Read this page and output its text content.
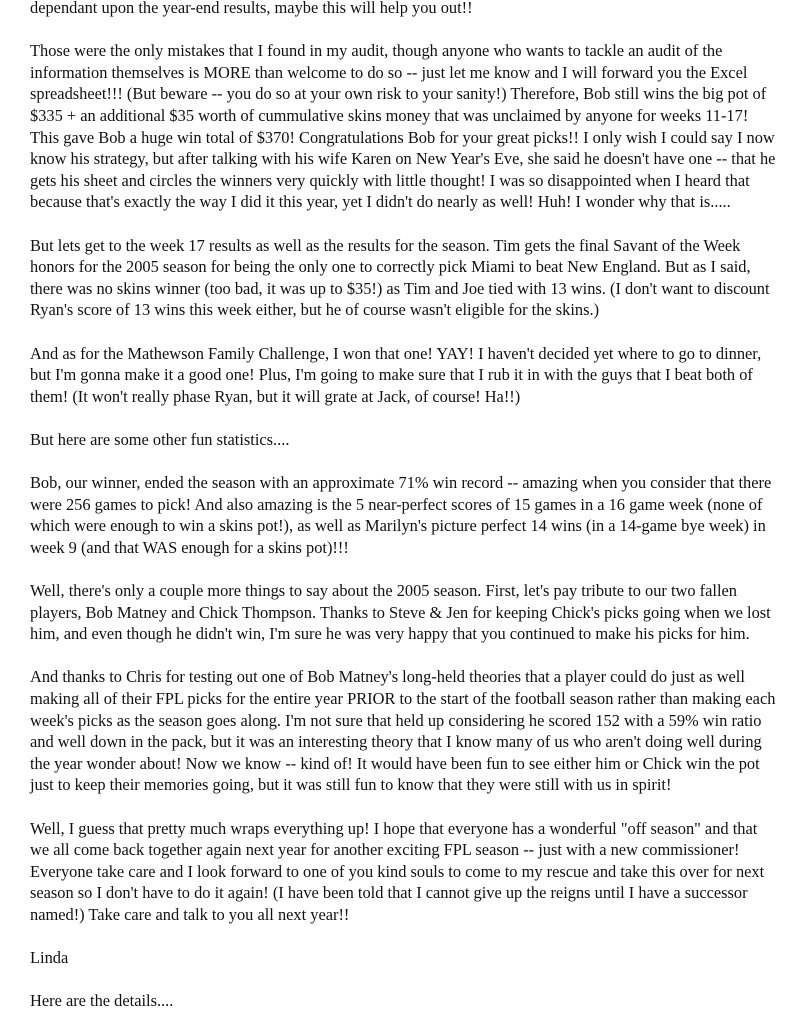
dependant upon the year-end results, maybe this will help you out!!

Those were the only mistakes that I found in my audit, though anyone who wants to tackle an audit of the information themselves is MORE than welcome to do so -- just let me know and I will forward you the Excel spreadsheet!!! (But beware -- you do so at your own risk to your sanity!) Therefore, Bob still wins the big pot of $335 + an additional $35 worth of cummulative skins money that was unclaimed by anyone for weeks 11-17! This gave Bob a huge win total of $370! Congratulations Bob for your great picks!! I only wish I could say I now know his strategy, but after talking with his wife Karen on New Year's Eve, she said he doesn't have one -- that he gets his sheet and circles the winners very quickly with little thought! I was so disappointed when I heard that because that's exactly the way I did it this year, yet I didn't do nearly as well! Huh! I wonder why that is.....

But lets get to the week 17 results as well as the results for the season. Tim gets the final Savant of the Week honors for the 2005 season for being the only one to correctly pick Miami to beat New England. But as I said, there was no skins winner (too bad, it was up to $35!) as Tim and Joe tied with 13 wins. (I don't want to discount Ryan's score of 13 wins this week either, but he of course wasn't eligible for the skins.)

And as for the Mathewson Family Challenge, I won that one! YAY! I haven't decided yet where to go to dinner, but I'm gonna make it a good one! Plus, I'm going to make sure that I rub it in with the guys that I beat both of them! (It won't really phase Ryan, but it will grate at Jack, of course! Ha!!)

But here are some other fun statistics....

Bob, our winner, ended the season with an approximate 71% win record -- amazing when you consider that there were 256 games to pick! And also amazing is the 5 near-perfect scores of 15 games in a 16 game week (none of which were enough to win a skins pot!), as well as Marilyn's picture perfect 14 wins (in a 14-game bye week) in week 9 (and that WAS enough for a skins pot)!!!

Well, there's only a couple more things to say about the 2005 season. First, let's pay tribute to our two fallen players, Bob Matney and Chick Thompson. Thanks to Steve & Jen for keeping Chick's picks going when we lost him, and even though he didn't win, I'm sure he was very happy that you continued to make his picks for him.

And thanks to Chris for testing out one of Bob Matney's long-held theories that a player could do just as well making all of their FPL picks for the entire year PRIOR to the start of the football season rather than making each week's picks as the season goes along. I'm not sure that held up considering he scored 152 with a 59% win ratio and well down in the pack, but it was an interesting theory that I know many of us who aren't doing well during the year wonder about! Now we know -- kind of! It would have been fun to see either him or Chick win the pot just to keep their memories going, but it was still fun to know that they were still with us in spirit!

Well, I guess that pretty much wraps everything up! I hope that everyone has a wonderful "off season" and that we all come back together again next year for another exciting FPL season -- just with a new commissioner! Everyone take care and I look forward to one of you kind souls to come to my rescue and take this over for next season so I don't have to do it again! (I have been told that I cannot give up the reigns until I have a successor named!) Take care and talk to you all next year!!

Linda

Here are the details....
